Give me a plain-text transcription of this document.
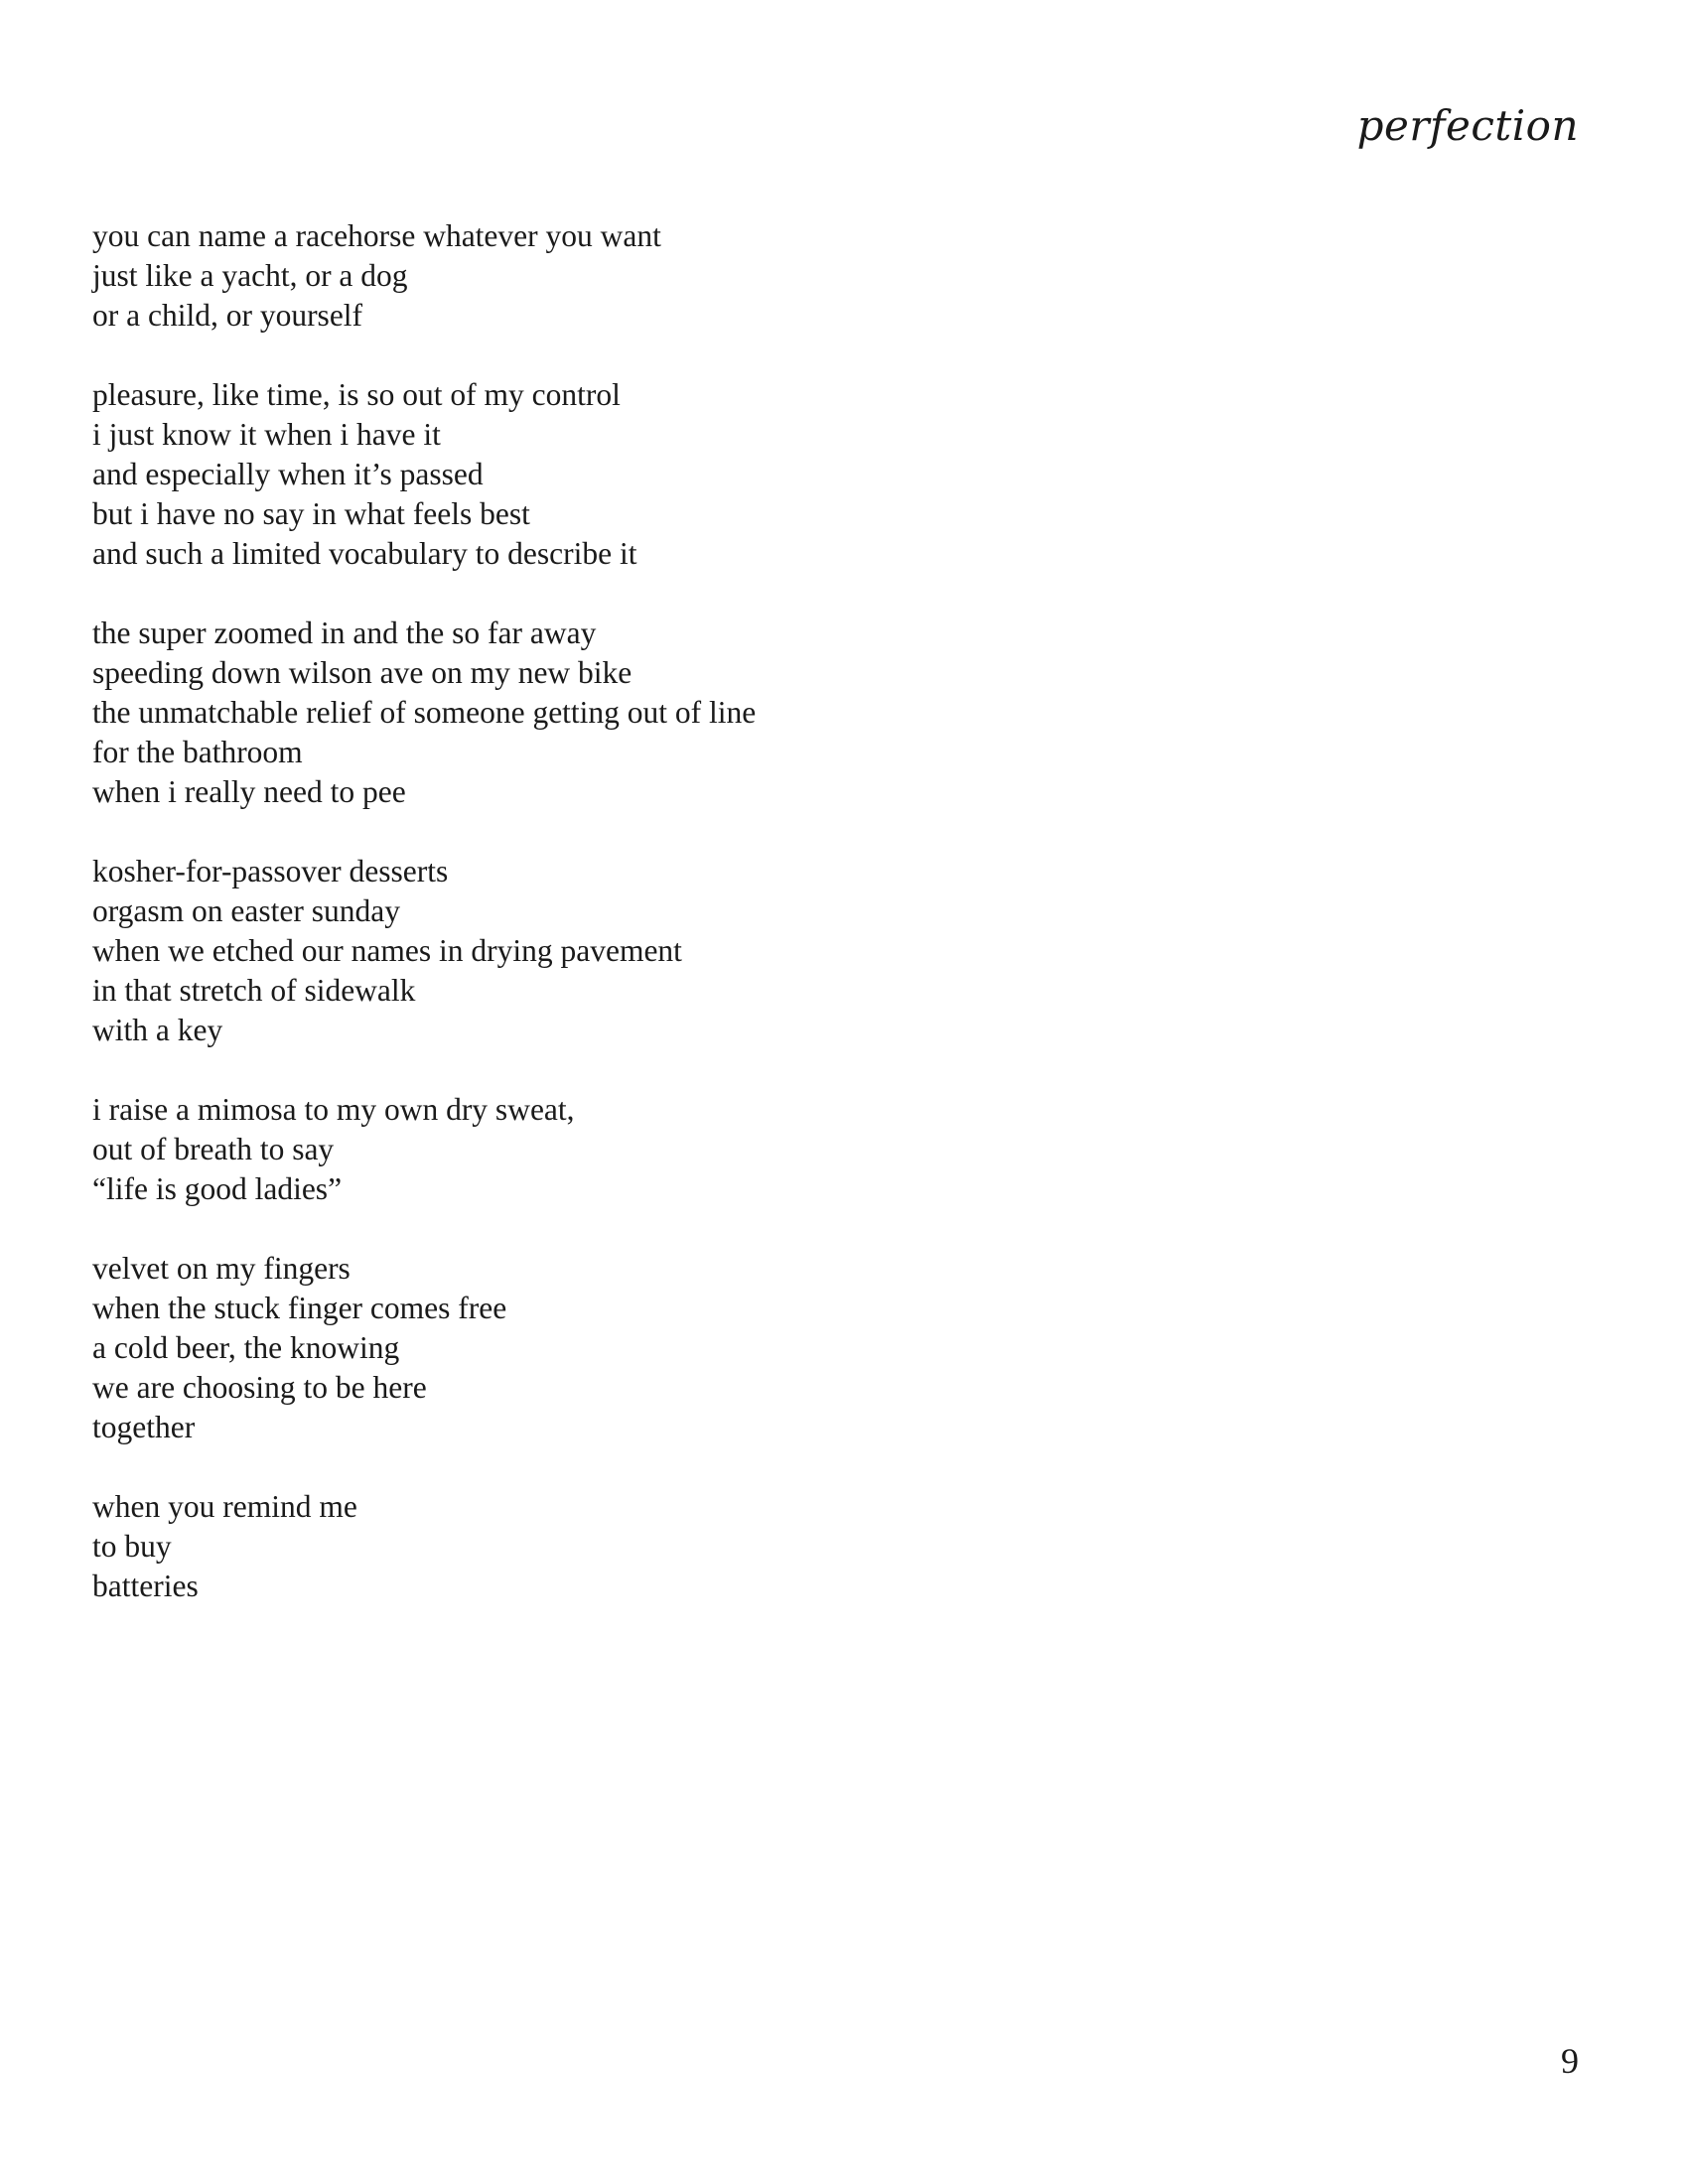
perfection
you can name a racehorse whatever you want
just like a yacht, or a dog
or a child, or yourself
pleasure, like time, is so out of my control
i just know it when i have it
and especially when it’s passed
but i have no say in what feels best
and such a limited vocabulary to describe it
the super zoomed in and the so far away
speeding down wilson ave on my new bike
the unmatchable relief of someone getting out of line
for the bathroom
when i really need to pee
kosher-for-passover desserts
orgasm on easter sunday
when we etched our names in drying pavement
in that stretch of sidewalk
with a key
i raise a mimosa to my own dry sweat,
out of breath to say
“life is good ladies”
velvet on my fingers
when the stuck finger comes free
a cold beer, the knowing
we are choosing to be here
together
when you remind me
to buy
batteries
9
